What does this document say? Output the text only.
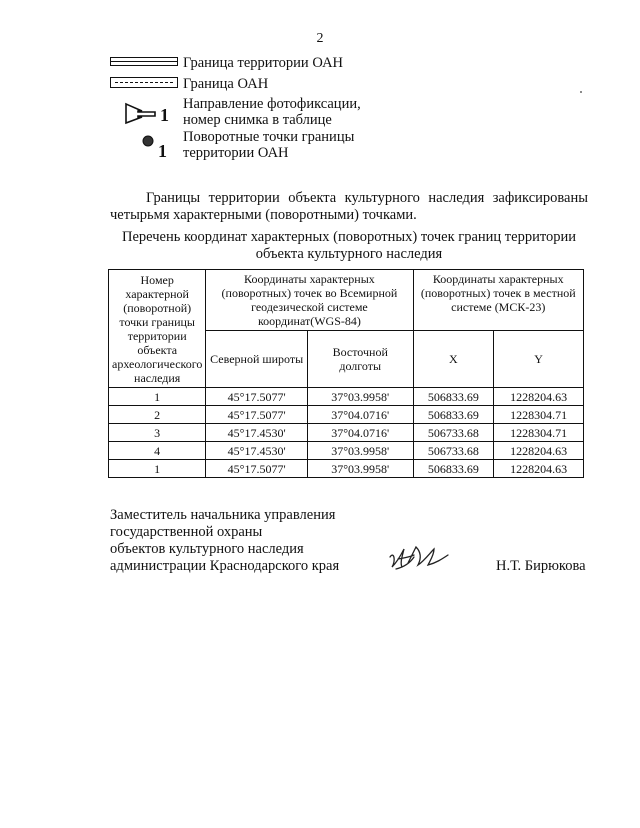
2
Граница территории ОАН
Граница ОАН
1
Направление фотофиксации,
номер снимка в таблице
1
Поворотные точки границы
территории ОАН
Границы территории объекта культурного наследия зафиксированы четырьмя характерными (поворотными) точками.
Перечень координат характерных (поворотных) точек границ территории
объекта культурного наследия
Номер характерной (поворотной) точки границы территории объекта археологического наследия	Координаты характерных (поворотных) точек во Всемирной геодезической системе координат(WGS-84)		Координаты характерных (поворотных) точек в местной системе (МСК-23)	
	Северной широты	Восточной долготы	X	Y
1	45°17.5077'	37°03.9958'	506833.69	1228204.63
2	45°17.5077'	37°04.0716'	506833.69	1228304.71
3	45°17.4530'	37°04.0716'	506733.68	1228304.71
4	45°17.4530'	37°03.9958'	506733.68	1228204.63
1	45°17.5077'	37°03.9958'	506833.69	1228204.63
Заместитель начальника управления
государственной охраны
объектов культурного наследия
администрации Краснодарского края	Н.Т. Бирюкова
